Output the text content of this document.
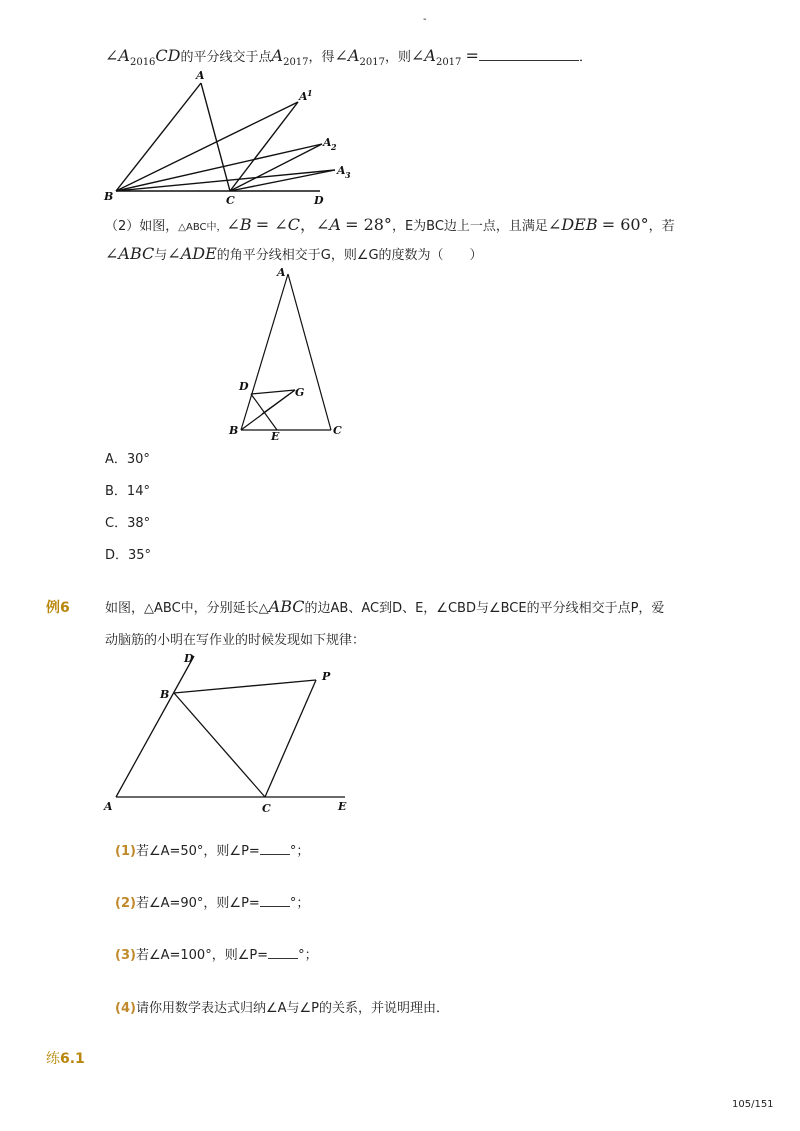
-
$\angle A_{2016}CD$的平分线交于点$A_{2017}$，得$\angle A_{2017}$，则$\angle A_{2017}$ =	．
A
A 1
A 2
A 3
B	C	D
（2）如图，△ABC中，∠B = ∠C，∠A = 28°，E为BC边上一点，且满足∠DEB = 60°，若
∠ABC与∠ADE的角平分线相交于G，则∠G的度数为（　　）
A
D	G
B	E	C
A．30°
B．14°
C．38°
D．35°
例6	如图，△ABC中，分别延长△ABC的边AB、AC到D、E，∠CBD与∠BCE的平分线相交于点P，爱
动脑筋的小明在写作业的时候发现如下规律：
D
B
P
A	C	E
(1)若∠A=50°，则∠P= °；
(2)若∠A=90°，则∠P= °；
(3)若∠A=100°，则∠P= °；
(4)请你用数学表达式归纳∠A与∠P的关系，并说明理由．
练6.1
105/151
